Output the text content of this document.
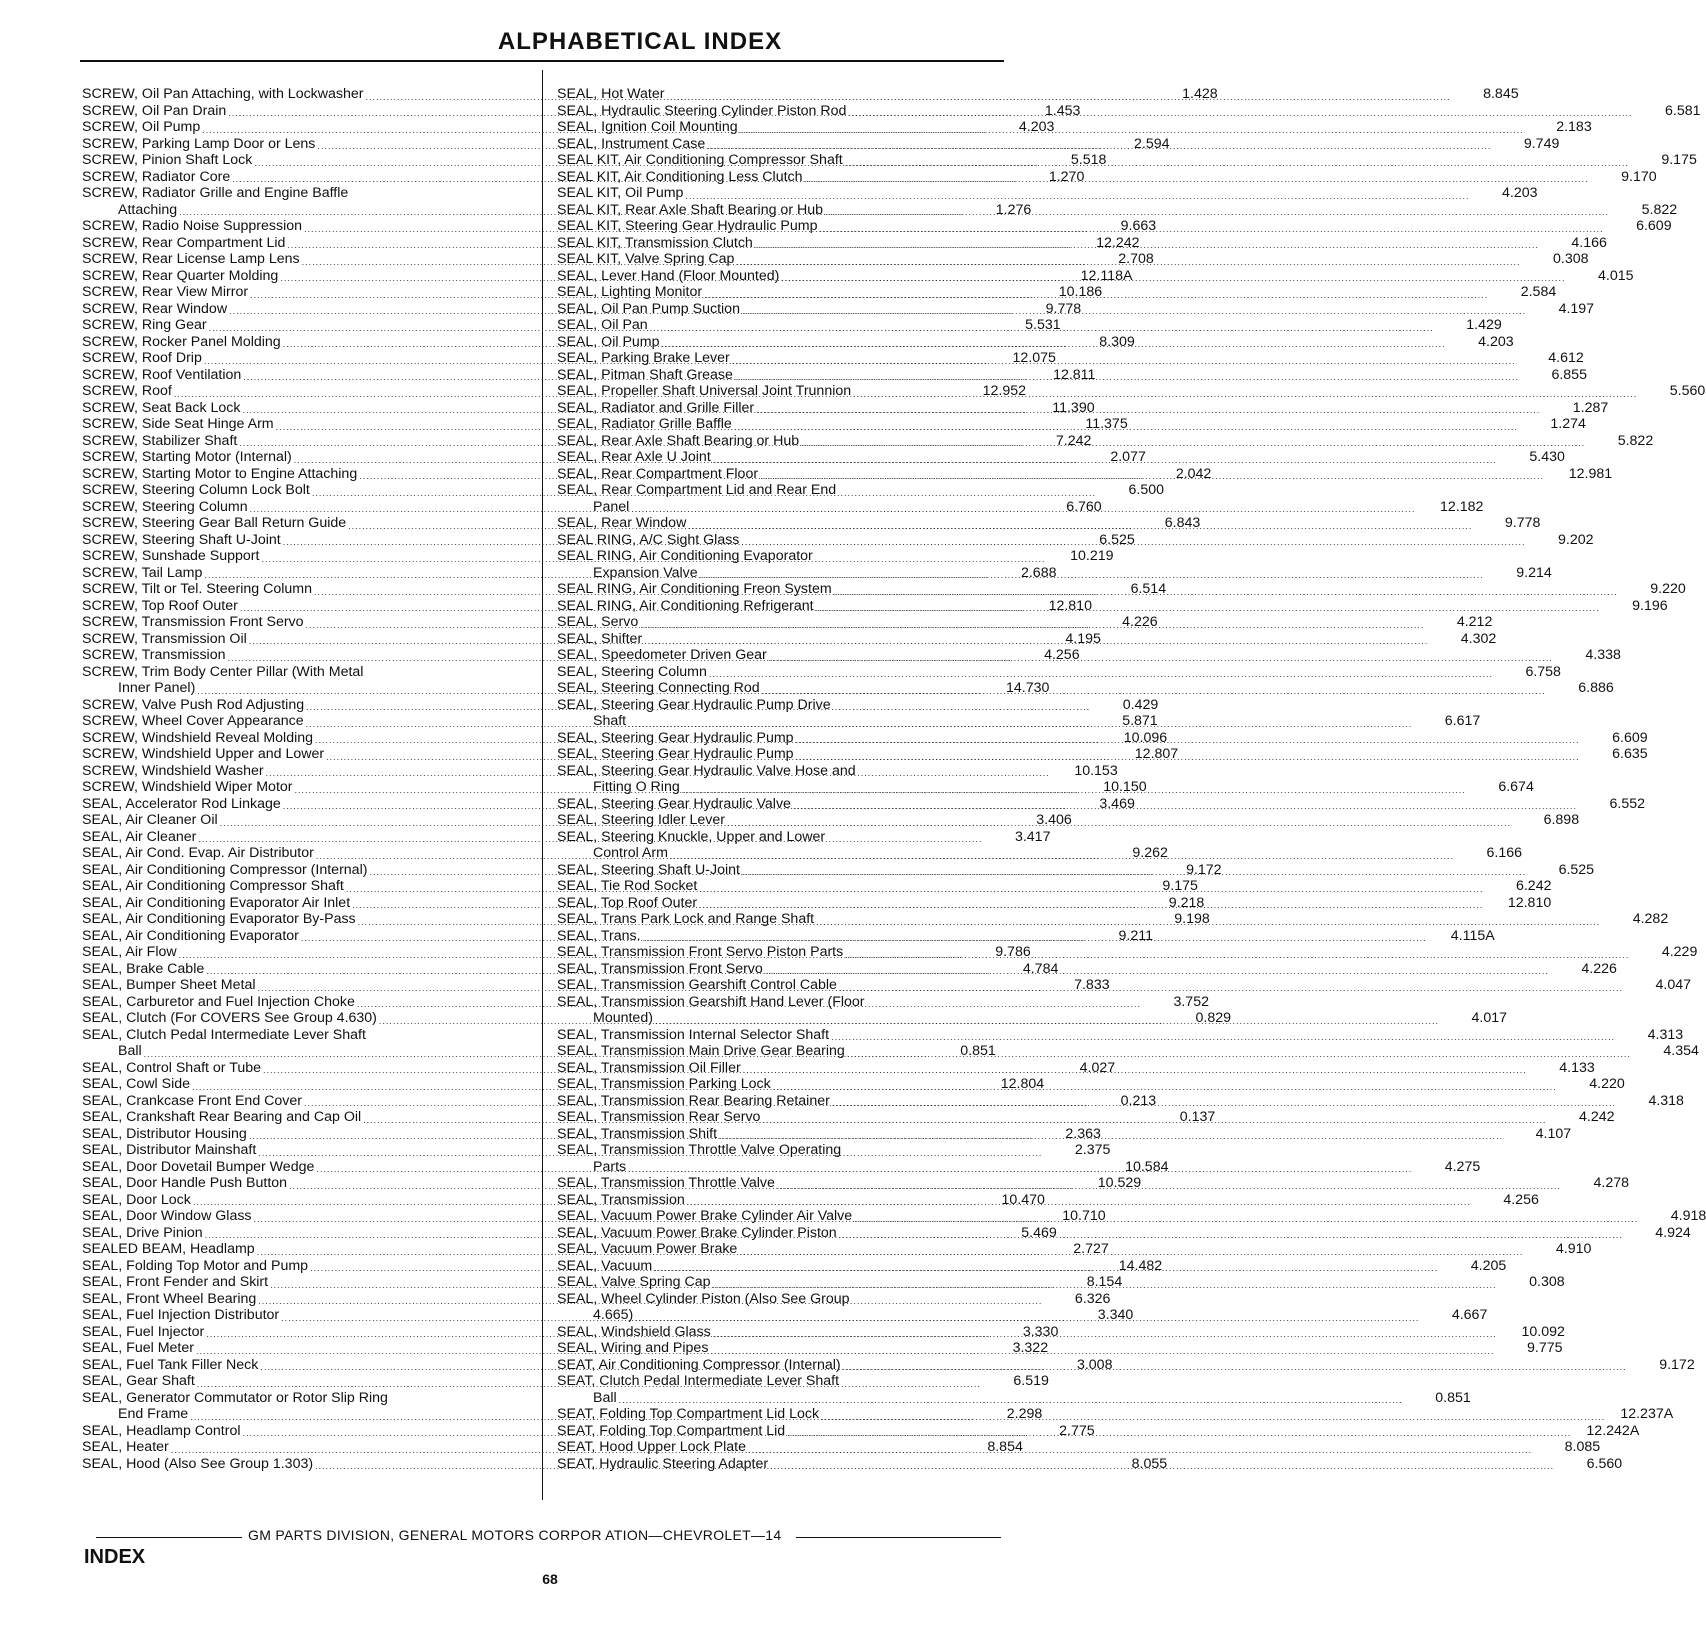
ALPHABETICAL INDEX
SCREW, Oil Pan Attaching, with Lockwasher .....	1.428
SCREW, Oil Pan Drain .....	1.453
SCREW, Oil Pump .....	4.203
SCREW, Parking Lamp Door or Lens .....	2.594
SCREW, Pinion Shaft Lock .....	5.518
SCREW, Radiator Core .....	1.270
SCREW, Radiator Grille and Engine Baffle
Attaching .....	1.276
SCREW, Radio Noise Suppression .....	9.663
SCREW, Rear Compartment Lid .....	12.242
SCREW, Rear License Lamp Lens .....	2.708
SCREW, Rear Quarter Molding .....	12.118A
SCREW, Rear View Mirror .....	10.186
SCREW, Rear Window .....	9.778
SCREW, Ring Gear .....	5.531
SCREW, Rocker Panel Molding .....	8.309
SCREW, Roof Drip .....	12.075
SCREW, Roof Ventilation .....	12.811
SCREW, Roof .....	12.952
SCREW, Seat Back Lock .....	11.390
SCREW, Side Seat Hinge Arm .....	11.375
SCREW, Stabilizer Shaft .....	7.242
SCREW, Starting Motor (Internal) .....	2.077
SCREW, Starting Motor to Engine Attaching .....	2.042
SCREW, Steering Column Lock Bolt .....	6.500
SCREW, Steering Column .....	6.760
SCREW, Steering Gear Ball Return Guide .....	6.843
SCREW, Steering Shaft U-Joint .....	6.525
SCREW, Sunshade Support .....	10.219
SCREW, Tail Lamp .....	2.688
SCREW, Tilt or Tel. Steering Column .....	6.514
SCREW, Top Roof Outer .....	12.810
SCREW, Transmission Front Servo .....	4.226
SCREW, Transmission Oil .....	4.195
SCREW, Transmission .....	4.256
SCREW, Trim Body Center Pillar (With Metal
Inner Panel) .....	14.730
SCREW, Valve Push Rod Adjusting .....	0.429
SCREW, Wheel Cover Appearance .....	5.871
SCREW, Windshield Reveal Molding .....	10.096
SCREW, Windshield Upper and Lower .....	12.807
SCREW, Windshield Washer .....	10.153
SCREW, Windshield Wiper Motor .....	10.150
SEAL, Accelerator Rod Linkage .....	3.469
SEAL, Air Cleaner Oil .....	3.406
SEAL, Air Cleaner .....	3.417
SEAL, Air Cond. Evap. Air Distributor .....	9.262
SEAL, Air Conditioning Compressor (Internal) .....	9.172
SEAL, Air Conditioning Compressor Shaft .....	9.175
SEAL, Air Conditioning Evaporator Air Inlet .....	9.218
SEAL, Air Conditioning Evaporator By-Pass .....	9.198
SEAL, Air Conditioning Evaporator .....	9.211
SEAL, Air Flow .....	9.786
SEAL, Brake Cable .....	4.784
SEAL, Bumper Sheet Metal .....	7.833
SEAL, Carburetor and Fuel Injection Choke .....	3.752
SEAL, Clutch (For COVERS See Group 4.630) .....	0.829
SEAL, Clutch Pedal Intermediate Lever Shaft
Ball .....	0.851
SEAL, Control Shaft or Tube .....	4.027
SEAL, Cowl Side .....	12.804
SEAL, Crankcase Front End Cover .....	0.213
SEAL, Crankshaft Rear Bearing and Cap Oil .....	0.137
SEAL, Distributor Housing .....	2.363
SEAL, Distributor Mainshaft .....	2.375
SEAL, Door Dovetail Bumper Wedge .....	10.584
SEAL, Door Handle Push Button .....	10.529
SEAL, Door Lock .....	10.470
SEAL, Door Window Glass .....	10.710
SEAL, Drive Pinion .....	5.469
SEALED BEAM, Headlamp .....	2.727
SEAL, Folding Top Motor and Pump .....	14.482
SEAL, Front Fender and Skirt .....	8.154
SEAL, Front Wheel Bearing .....	6.326
SEAL, Fuel Injection Distributor .....	3.340
SEAL, Fuel Injector .....	3.330
SEAL, Fuel Meter .....	3.322
SEAL, Fuel Tank Filler Neck .....	3.008
SEAL, Gear Shaft .....	6.519
SEAL, Generator Commutator or Rotor Slip Ring
End Frame .....	2.298
SEAL, Headlamp Control .....	2.775
SEAL, Heater .....	8.854
SEAL, Hood (Also See Group 1.303) .....	8.055
SEAL, Hot Water .....	8.845
SEAL, Hydraulic Steering Cylinder Piston Rod .....	6.581
SEAL, Ignition Coil Mounting .....	2.183
SEAL, Instrument Case .....	9.749
SEAL KIT, Air Conditioning Compressor Shaft .....	9.175
SEAL KIT, Air Conditioning Less Clutch .....	9.170
SEAL KIT, Oil Pump .....	4.203
SEAL KIT, Rear Axle Shaft Bearing or Hub .....	5.822
SEAL KIT, Steering Gear Hydraulic Pump .....	6.609
SEAL KIT, Transmission Clutch .....	4.166
SEAL KIT, Valve Spring Cap .....	0.308
SEAL, Lever Hand (Floor Mounted) .....	4.015
SEAL, Lighting Monitor .....	2.584
SEAL, Oil Pan Pump Suction .....	4.197
SEAL, Oil Pan .....	1.429
SEAL, Oil Pump .....	4.203
SEAL, Parking Brake Lever .....	4.612
SEAL, Pitman Shaft Grease .....	6.855
SEAL, Propeller Shaft Universal Joint Trunnion .....	5.560
SEAL, Radiator and Grille Filler .....	1.287
SEAL, Radiator Grille Baffle .....	1.274
SEAL, Rear Axle Shaft Bearing or Hub .....	5.822
SEAL, Rear Axle U Joint .....	5.430
SEAL, Rear Compartment Floor .....	12.981
SEAL, Rear Compartment Lid and Rear End
Panel .....	12.182
SEAL, Rear Window .....	9.778
SEAL RING, A/C Sight Glass .....	9.202
SEAL RING, Air Conditioning Evaporator
Expansion Valve .....	9.214
SEAL RING, Air Conditioning Freon System .....	9.220
SEAL RING, Air Conditioning Refrigerant .....	9.196
SEAL, Servo .....	4.212
SEAL, Shifter .....	4.302
SEAL, Speedometer Driven Gear .....	4.338
SEAL, Steering Column .....	6.758
SEAL, Steering Connecting Rod .....	6.886
SEAL, Steering Gear Hydraulic Pump Drive
Shaft .....	6.617
SEAL, Steering Gear Hydraulic Pump .....	6.609
SEAL, Steering Gear Hydraulic Pump .....	6.635
SEAL, Steering Gear Hydraulic Valve Hose and
Fitting O Ring .....	6.674
SEAL, Steering Gear Hydraulic Valve .....	6.552
SEAL, Steering Idler Lever .....	6.898
SEAL, Steering Knuckle, Upper and Lower
Control Arm .....	6.166
SEAL, Steering Shaft U-Joint .....	6.525
SEAL, Tie Rod Socket .....	6.242
SEAL, Top Roof Outer .....	12.810
SEAL, Trans Park Lock and Range Shaft .....	4.282
SEAL, Trans. .....	4.115A
SEAL, Transmission Front Servo Piston Parts .....	4.229
SEAL, Transmission Front Servo .....	4.226
SEAL, Transmission Gearshift Control Cable .....	4.047
SEAL, Transmission Gearshift Hand Lever (Floor
Mounted) .....	4.017
SEAL, Transmission Internal Selector Shaft .....	4.313
SEAL, Transmission Main Drive Gear Bearing .....	4.354
SEAL, Transmission Oil Filler .....	4.133
SEAL, Transmission Parking Lock .....	4.220
SEAL, Transmission Rear Bearing Retainer .....	4.318
SEAL, Transmission Rear Servo .....	4.242
SEAL, Transmission Shift .....	4.107
SEAL, Transmission Throttle Valve Operating
Parts .....	4.275
SEAL, Transmission Throttle Valve .....	4.278
SEAL, Transmission .....	4.256
SEAL, Vacuum Power Brake Cylinder Air Valve .....	4.918
SEAL, Vacuum Power Brake Cylinder Piston .....	4.924
SEAL, Vacuum Power Brake .....	4.910
SEAL, Vacuum .....	4.205
SEAL, Valve Spring Cap .....	0.308
SEAL, Wheel Cylinder Piston (Also See Group
4.665) .....	4.667
SEAL, Windshield Glass .....	10.092
SEAL, Wiring and Pipes .....	9.775
SEAT, Air Conditioning Compressor (Internal) .....	9.172
SEAT, Clutch Pedal Intermediate Lever Shaft
Ball .....	0.851
SEAT, Folding Top Compartment Lid Lock .....	12.237A
SEAT, Folding Top Compartment Lid .....	12.242A
SEAT, Hood Upper Lock Plate .....	8.085
SEAT, Hydraulic Steering Adapter .....	6.560
GM PARTS DIVISION, GENERAL MOTORS CORPOR ATION—CHEVROLET—14
INDEX
68
